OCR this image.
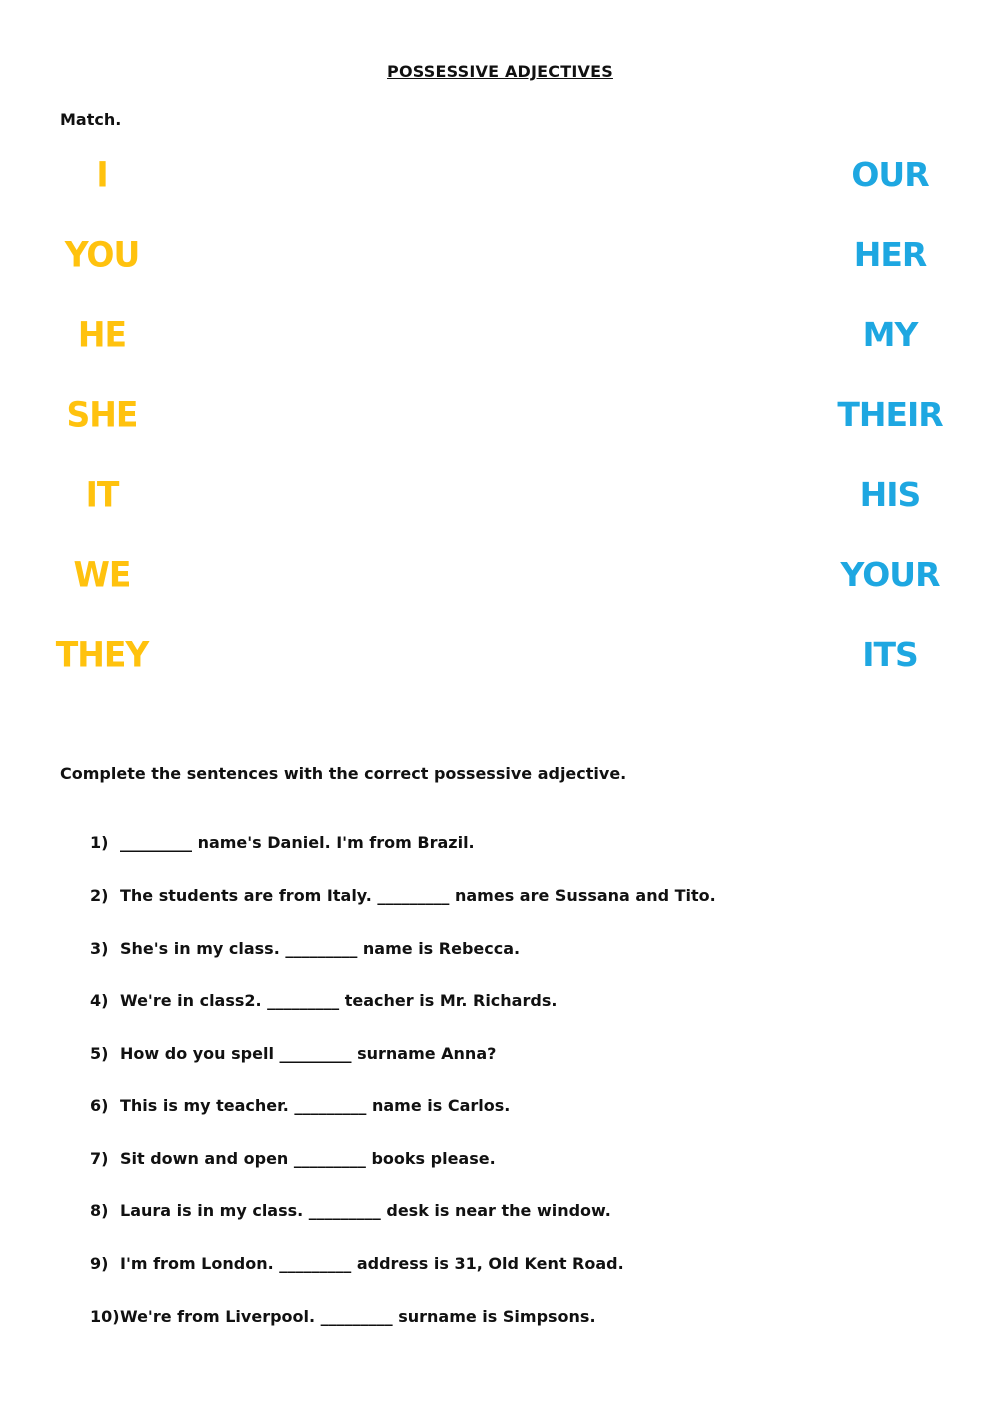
POSSESSIVE ADJECTIVES
Match.
I
YOU
HE
SHE
IT
WE
THEY
OUR
HER
MY
THEIR
HIS
YOUR
ITS
Complete the sentences with the correct possessive adjective.
1) _________ name's Daniel. I'm from Brazil.
2) The students are from Italy. _________ names are Sussana and Tito.
3) She's in my class. _________ name is Rebecca.
4) We're in class2. _________ teacher is Mr. Richards.
5) How do you spell _________ surname Anna?
6) This is my teacher. _________ name is Carlos.
7) Sit down and open _________ books please.
8) Laura is in my class. _________ desk is near the window.
9) I'm from London. _________ address is 31, Old Kent Road.
10)We're from Liverpool. _________ surname is Simpsons.
